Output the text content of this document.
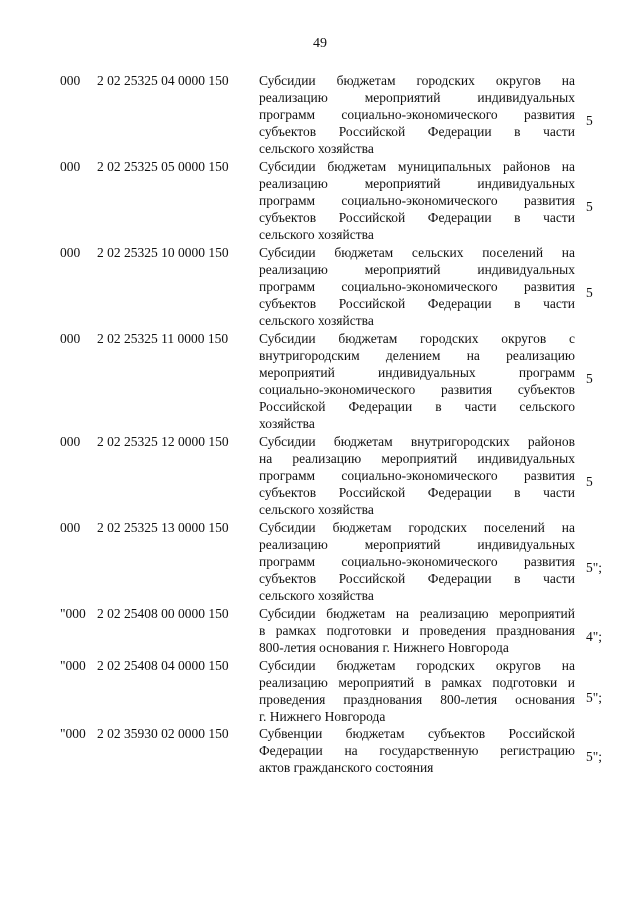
49
000 2 02 25325 04 0000 150	Субсидии бюджетам городских округов на
реализацию мероприятий индивидуальных
программ социально-экономического развития
субъектов Российской Федерации в части
сельского хозяйства
5
000 2 02 25325 05 0000 150	Субсидии бюджетам муниципальных районов на
реализацию мероприятий индивидуальных
программ социально-экономического развития
субъектов Российской Федерации в части
сельского хозяйства
5
000 2 02 25325 10 0000 150	Субсидии бюджетам сельских поселений на
реализацию мероприятий индивидуальных
программ социально-экономического развития
субъектов Российской Федерации в части
сельского хозяйства
5
000 2 02 25325 11 0000 150	Субсидии бюджетам городских округов с
внутригородским делением на реализацию
мероприятий индивидуальных программ
социально-экономического развития субъектов
Российской Федерации в части сельского
хозяйства
5
000 2 02 25325 12 0000 150	Субсидии бюджетам внутригородских районов
на реализацию мероприятий индивидуальных
программ социально-экономического развития
субъектов Российской Федерации в части
сельского хозяйства
5
000 2 02 25325 13 0000 150	Субсидии бюджетам городских поселений на
реализацию мероприятий индивидуальных
программ социально-экономического развития
субъектов Российской Федерации в части
сельского хозяйства
5";
"000 2 02 25408 00 0000 150	Субсидии бюджетам на реализацию мероприятий
в рамках подготовки и проведения празднования
800-летия основания г. Нижнего Новгорода
4";
"000 2 02 25408 04 0000 150	Субсидии бюджетам городских округов на
реализацию мероприятий в рамках подготовки и
проведения празднования 800-летия основания
г. Нижнего Новгорода
5";
"000 2 02 35930 02 0000 150	Субвенции бюджетам субъектов Российской
Федерации на государственную регистрацию
актов гражданского состояния
5";
